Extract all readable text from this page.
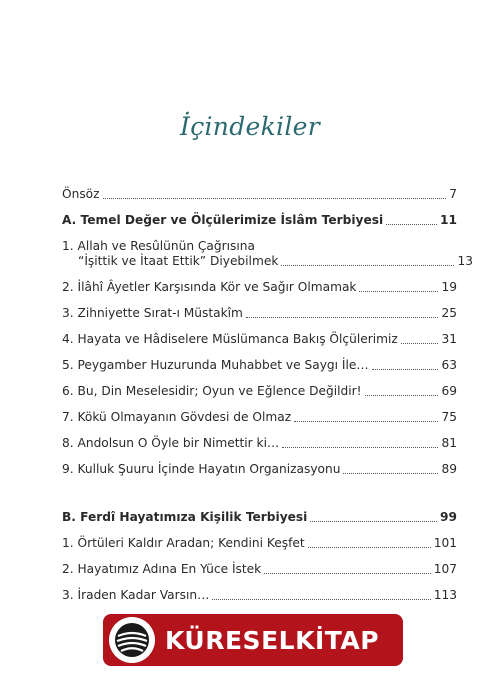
İçindekiler
Önsöz	7
A. Temel Değer ve Ölçülerimize İslâm Terbiyesi	11
1. Allah ve Resûlünün Çağrısına
“İşittik ve İtaat Ettik” Diyebilmek	13
2. İlâhî Âyetler Karşısında Kör ve Sağır Olmamak	19
3. Zihniyette Sırat-ı Müstakîm	25
4. Hayata ve Hâdiselere Müslümanca Bakış Ölçülerimiz	31
5. Peygamber Huzurunda Muhabbet ve Saygı İle…	63
6. Bu, Din Meselesidir; Oyun ve Eğlence Değildir!	69
7. Kökü Olmayanın Gövdesi de Olmaz	75
8. Andolsun O Öyle bir Nimettir ki…	81
9. Kulluk Şuuru İçinde Hayatın Organizasyonu	89
B. Ferdî Hayatımıza Kişilik Terbiyesi	99
1. Örtüleri Kaldır Aradan; Kendini Keşfet	101
2. Hayatımız Adına En Yüce İstek	107
3. İraden Kadar Varsın…	113
KÜRESELKİTAP
